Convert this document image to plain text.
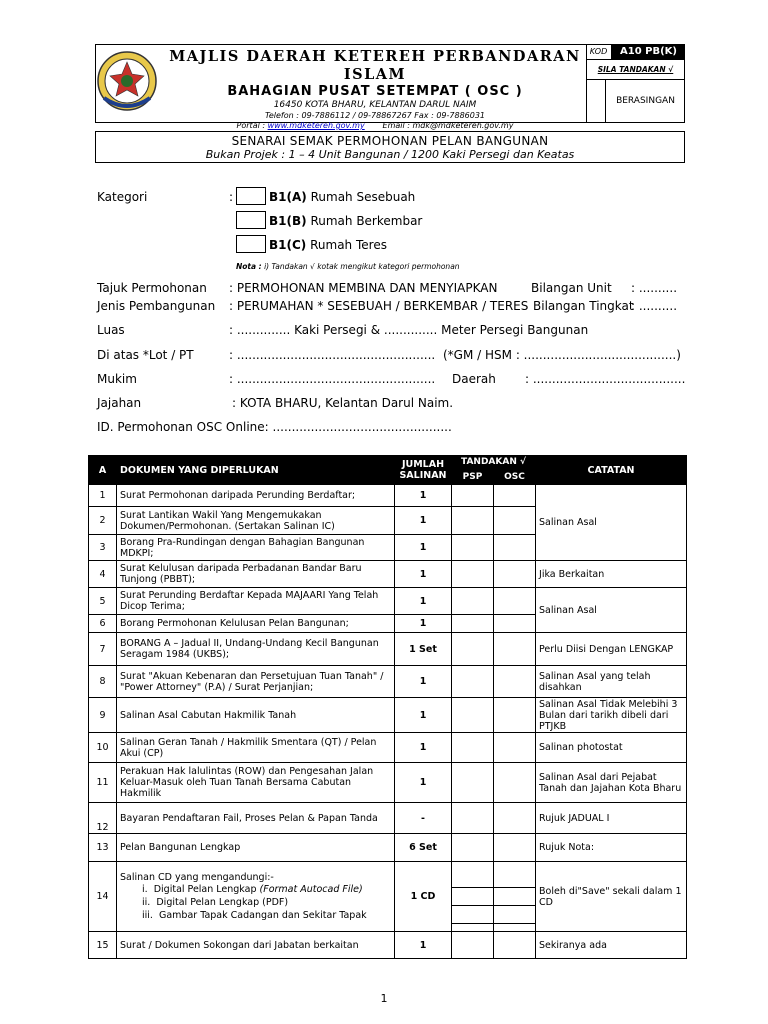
MAJLIS DAERAH KETEREH PERBANDARAN ISLAM
BAHAGIAN PUSAT SETEMPAT ( OSC )
16450 KOTA BHARU, KELANTAN DARUL NAIM
Telefon : 09-7886112 / 09-78867267 Fax : 09-7886031
Portal : www.mdketereh.gov.my Email : mdk@mdketereh.gov.my
KOD	A10 PB(K)
SILA TANDAKAN √
BERASINGAN
SENARAI SEMAK PERMOHONAN PELAN BANGUNAN
Bukan Projek : 1 – 4 Unit Bangunan / 1200 Kaki Persegi dan Keatas
Kategori	:	B1(A) Rumah Sesebuah
B1(B) Rumah Berkembar
B1(C) Rumah Teres
Nota : i) Tandakan √ kotak mengikut kategori permohonan
Tajuk Permohonan : PERMOHONAN MEMBINA DAN MENYIAPKAN	Bilangan Unit : ..........
Jenis Pembangunan : PERUMAHAN * SESEBUAH / BERKEMBAR / TERES Bilangan Tingkat
: ..........
Luas	: .............. Kaki Persegi & .............. Meter Persegi Bangunan
Di atas *Lot / PT	: .................................................... (*GM / HSM : ........................................)
Mukim	: .................................................... Daerah : ........................................
Jajahan	: KOTA BHARU, Kelantan Darul Naim.
ID. Permohonan OSC Online: ...............................................
A	DOKUMEN YANG DIPERLUKAN	JUMLAH SALINAN	TANDAKAN √		CATATAN
			PSP	OSC	
1	Surat Permohonan daripada Perunding Berdaftar;	1			Salinan Asal
2	Surat Lantikan Wakil Yang Mengemukakan Dokumen/Permohonan. (Sertakan Salinan IC)	1			
3	Borang Pra-Rundingan dengan Bahagian Bangunan MDKPI;	1			
4	Surat Kelulusan daripada Perbadanan Bandar Baru Tunjong (PBBT);	1			Jika Berkaitan
5	Surat Perunding Berdaftar Kepada MAJAARI Yang Telah Dicop Terima;	1			Salinan Asal
6	Borang Permohonan Kelulusan Pelan Bangunan;	1			
7	BORANG A – Jadual II, Undang-Undang Kecil Bangunan Seragam 1984 (UKBS);	1 Set			Perlu Diisi Dengan LENGKAP
8	Surat "Akuan Kebenaran dan Persetujuan Tuan Tanah" / "Power Attorney" (P.A) / Surat Perjanjian;	1			Salinan Asal yang telah disahkan
9	Salinan Asal Cabutan Hakmilik Tanah	1			Salinan Asal Tidak Melebihi 3 Bulan dari tarikh dibeli dari PTJKB
10	Salinan Geran Tanah / Hakmilik Smentara (QT) / Pelan Akui (CP)	1			Salinan photostat
11	Perakuan Hak lalulintas (ROW) dan Pengesahan Jalan Keluar-Masuk oleh Tuan Tanah Bersama Cabutan Hakmilik	1			Salinan Asal dari Pejabat Tanah dan Jajahan Kota Bharu
12	Bayaran Pendaftaran Fail, Proses Pelan & Papan Tanda	-			Rujuk JADUAL I
13	Pelan Bangunan Lengkap	6 Set			Rujuk Nota:
14	Salinan CD yang mengandungi:-
i. Digital Pelan Lengkap (Format Autocad File)
ii. Digital Pelan Lengkap (PDF)
iii. Gambar Tapak Cadangan dan Sekitar Tapak	1 CD			Boleh di"Save" sekali dalam 1 CD
15	Surat / Dokumen Sokongan dari Jabatan berkaitan	1			Sekiranya ada
1
